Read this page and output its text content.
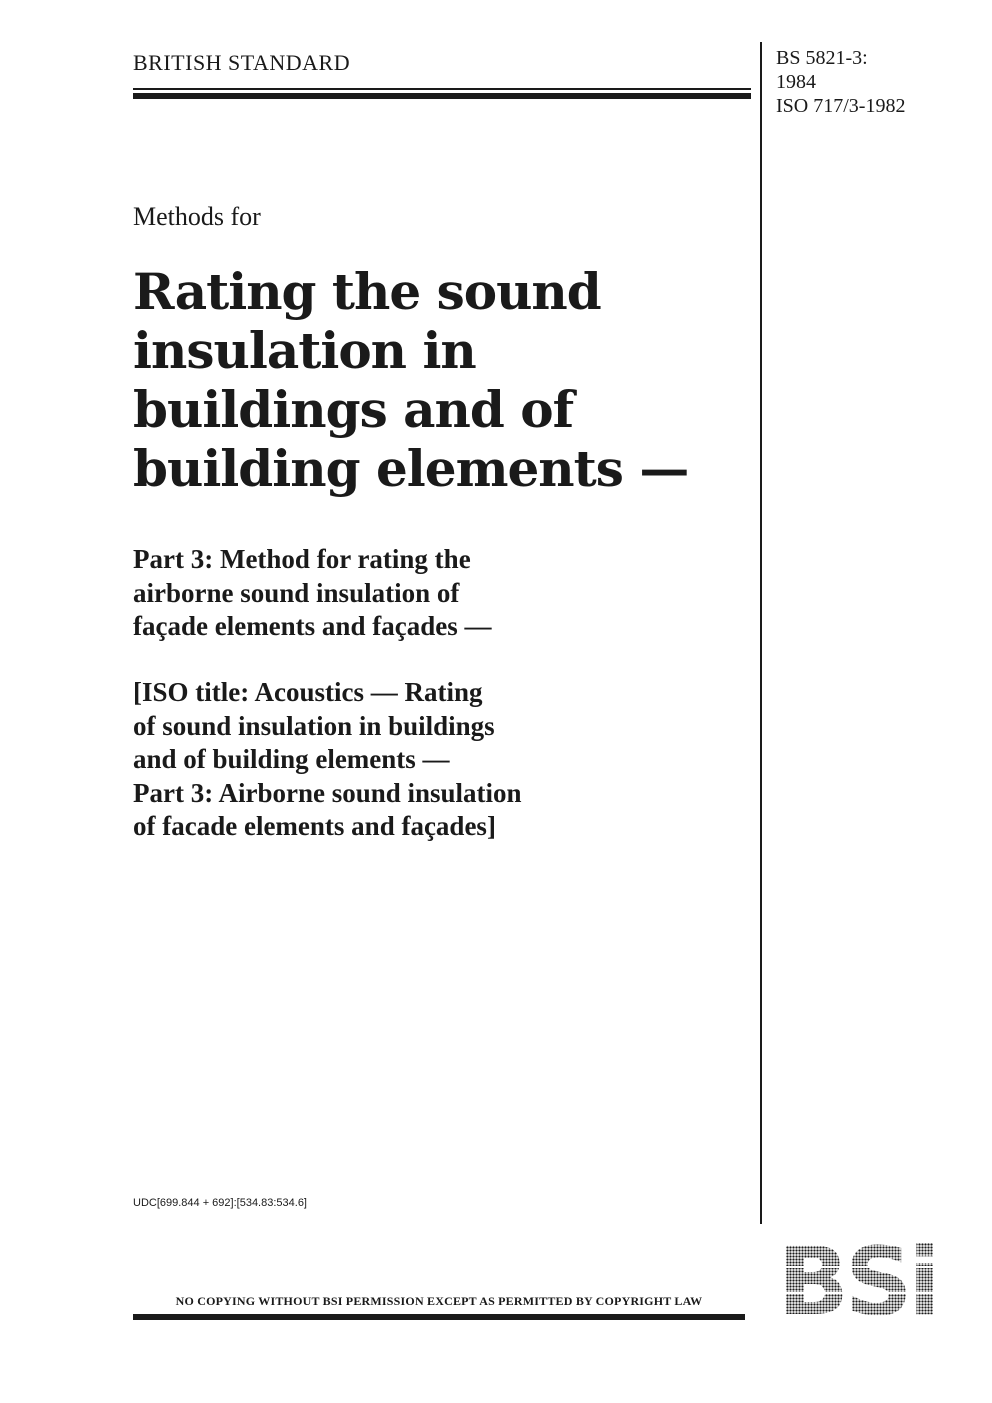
BRITISH STANDARD	BS 5821-3:
1984
ISO 717/3-1982
Methods for
Rating the sound
insulation in
buildings and of
building elements —
Part 3: Method for rating the
airborne sound insulation of
façade elements and façades —
[ISO title: Acoustics — Rating
of sound insulation in buildings
and of building elements —
Part 3: Airborne sound insulation
of facade elements and façades]
UDC[699.844 + 692]:[534.83:534.6]
NO COPYING WITHOUT BSI PERMISSION EXCEPT AS PERMITTED BY COPYRIGHT LAW
